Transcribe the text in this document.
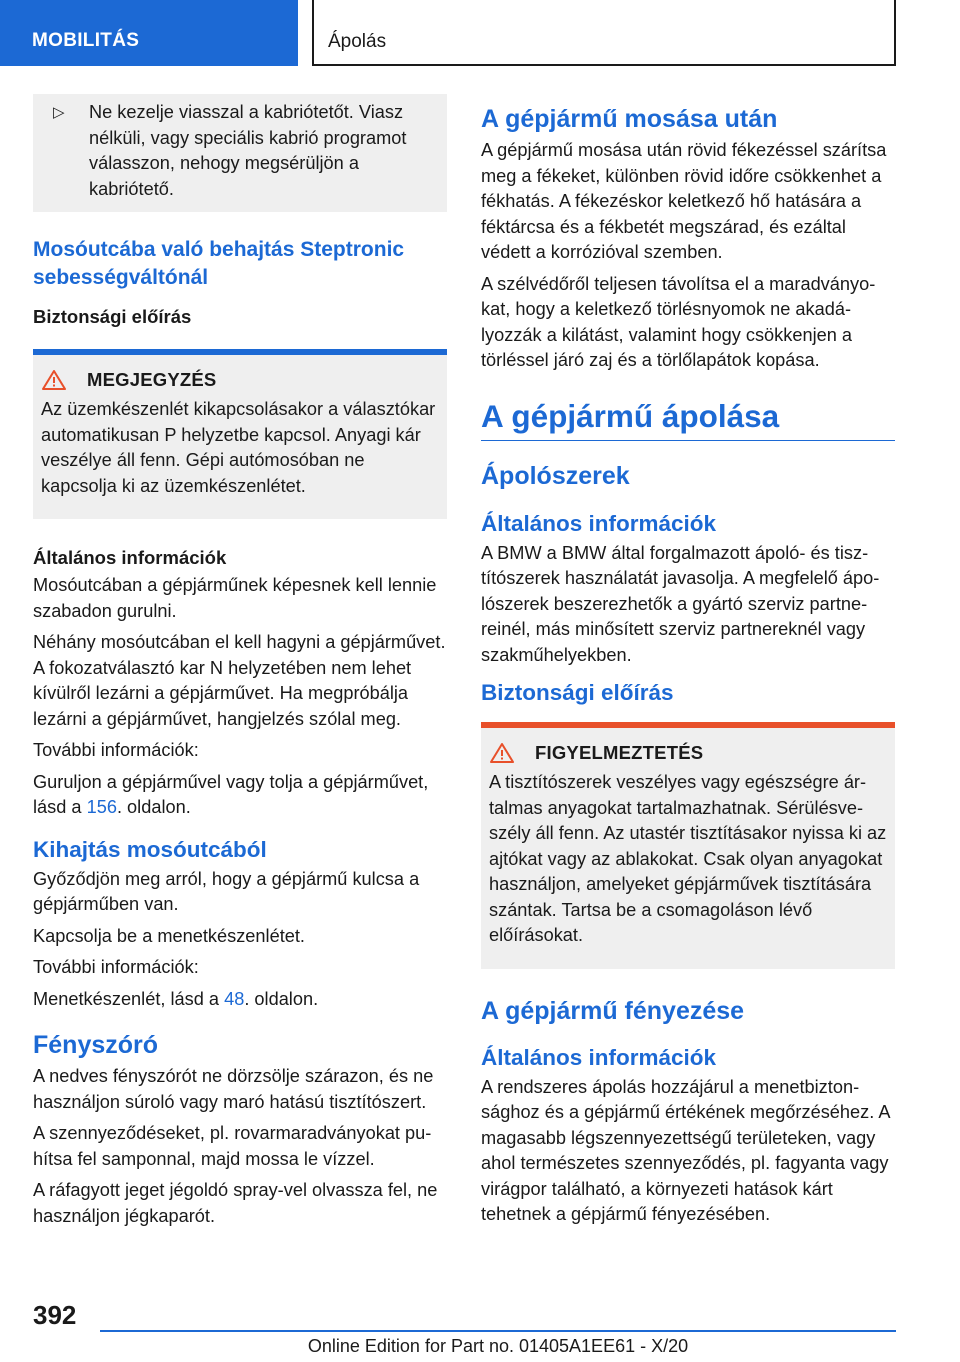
MOBILITÁS	Ápolás
▷	Ne kezelje viasszal a kabriótetőt. Viasz nélküli, vagy speciális kabrió programot válasszon, nehogy megsérüljön a kabriótető.
Mosóutcába való behajtás Steptronic sebességváltónál
Biztonsági előírás
MEGJEGYZÉS

Az üzemkészenlét kikapcsolásakor a választókar automatikusan P helyzetbe kapcsol. Anyagi kár veszélye áll fenn. Gépi autómosóban ne kapcsolja ki az üzemkészenlétet.

Általános információk

Mosóutcában a gépjárműnek képesnek kell lennie szabadon gurulni.

Néhány mosóutcában el kell hagyni a gépjárművet. A fokozatválasztó kar N helyzetében nem lehet kívülről lezárni a gépjárművet. Ha megpróbálja lezárni a gépjárművet, hangjelzés szólal meg.

További információk:

Guruljon a gépjárművel vagy tolja a gépjárművet, lásd a 156. oldalon.

Kihajtás mosóutcából

Győződjön meg arról, hogy a gépjármű kulcsa a gépjárműben van.

Kapcsolja be a menetkészenlétet.

További információk:

Menetkészenlét, lásd a 48. oldalon.

Fényszóró

A nedves fényszórót ne dörzsölje szárazon, és ne használjon súroló vagy maró hatású tisztítószert.

A szennyeződéseket, pl. rovarmaradványokat puhítsa fel samponnal, majd mossa le vízzel.

A ráfagyott jeget jégoldó spray-vel olvassza fel, ne használjon jégkaparót.

A gépjármű mosása után

A gépjármű mosása után rövid fékezéssel szárítsa meg a fékeket, különben rövid időre csökkenhet a fékhatás. A fékezéskor keletkező hő hatására a féktárcsa és a fékbetét megszárad, és ezáltal védett a korrózióval szemben.

A szélvédőről teljesen távolítsa el a maradványokat, hogy a keletkező törlésnyomok ne akadályozzák a kilátást, valamint hogy csökkenjen a törléssel járó zaj és a törlőlapátok kopása.

A gépjármű ápolása
Ápolószerek
Általános információk

A BMW a BMW által forgalmazott ápoló- és tisztítószerek használatát javasolja. A megfelelő ápolószerek beszerezhetők a gyártó szerviz partnereinél, más minősített szerviz partnereknél vagy szakműhelyekben.

Biztonsági előírás
FIGYELMEZTETÉS

A tisztítószerek veszélyes vagy egészségre ártalmas anyagokat tartalmazhatnak. Sérülésveszély áll fenn. Az utastér tisztításakor nyissa ki az ajtókat vagy az ablakokat. Csak olyan anyagokat használjon, amelyeket gépjárművek tisztítására szántak. Tartsa be a csomagoláson lévő előírásokat.

A gépjármű fényezése
Általános információk

A rendszeres ápolás hozzájárul a menetbiztonsághoz és a gépjármű értékének megőrzéséhez. A magasabb légszennyezettségű területeken, vagy ahol természetes szennyeződés, pl. fagyanta vagy virágpor található, a környezeti hatások kárt tehetnek a gépjármű fényezésében.

392
Online Edition for Part no. 01405A1EE61 - X/20
